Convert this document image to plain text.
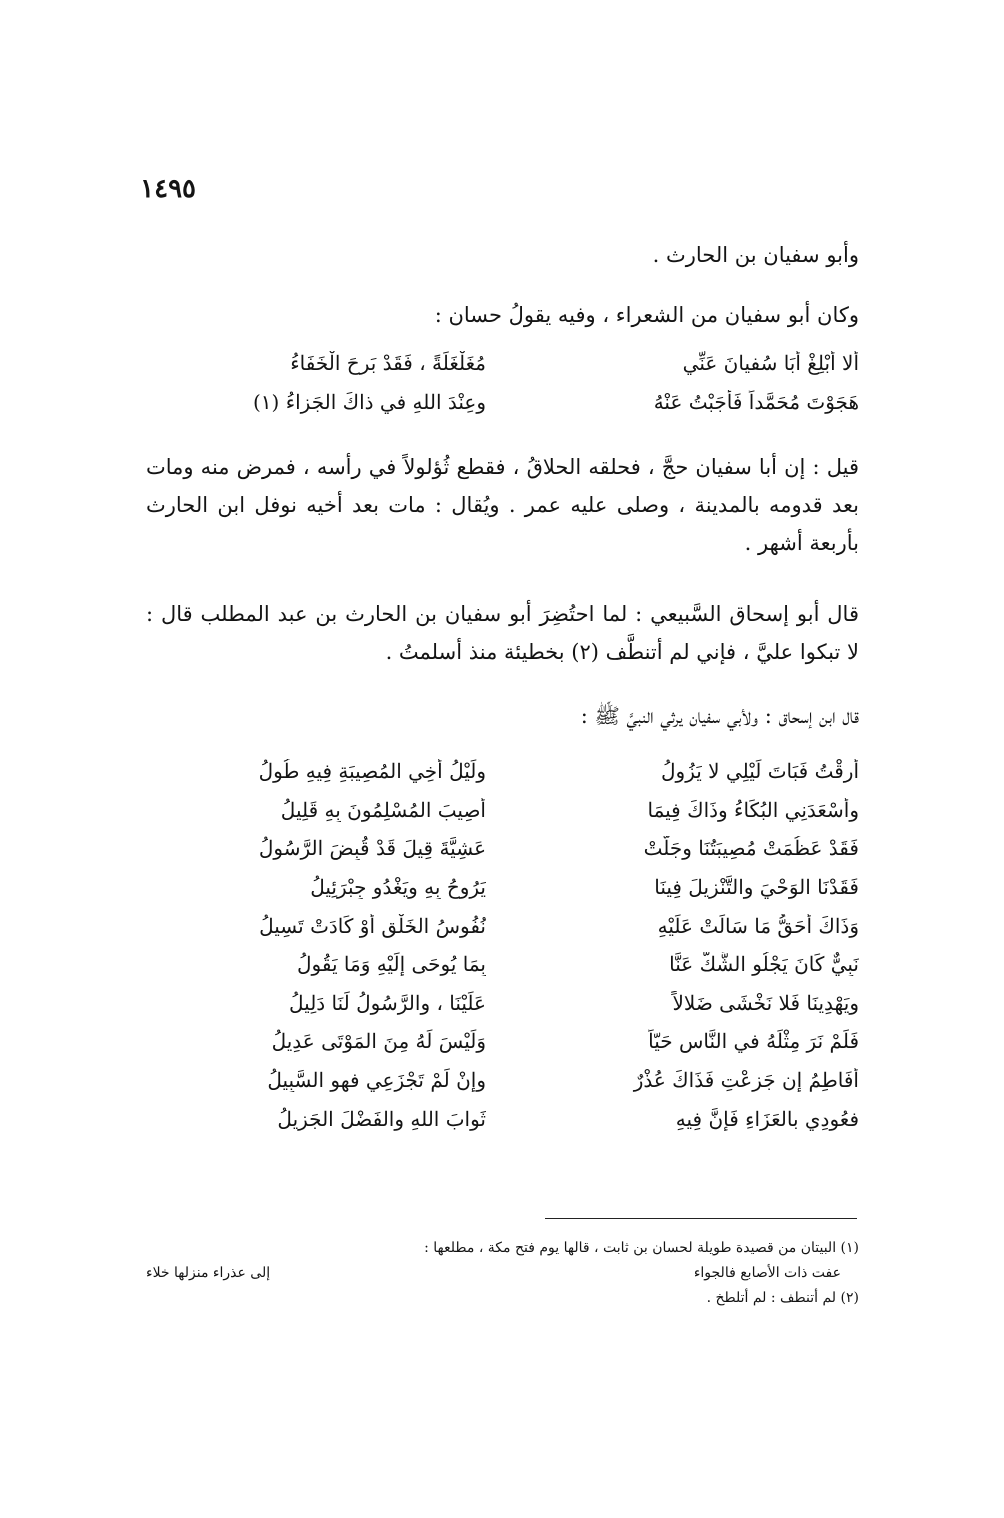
١٤٩٥

وأبو سفيان بن الحارث .

وكان أبو سفيان من الشعراء ، وفيه يقولُ حسان :

ألا أبْلِغْ أبَا سُفيانَ عَنِّي
مُغَلْغَلَةً ، فَقَدْ بَرِحَ الْخَفَاءُ
هَجَوْتَ مُحَمَّداً فَأجَبْتُ عَنْهُ
وعِنْدَ اللهِ في ذاكَ الجَزاءُ (١)

قيل : إن أبا سفيان حجَّ ، فحلقه الحلاقُ ، فقطع ثُؤلولاً في رأسه ، فمرض منه ومات بعد قدومه بالمدينة ، وصلى عليه عمر . ويُقال : مات بعد أخيه نوفل ابن الحارث بأربعة أشهر .

قال أبو إسحاق السَّبيعي : لما احتُضِرَ أبو سفيان بن الحارث بن عبد المطلب قال : لا تبكوا عليَّ ، فإني لم أتنطَّف (٢) بخطيئة منذ أسلمتُ .

قال ابن إسحاق : ولأبي سفيان يرثي النبيَّ ﷺ :

أرِقْتُ فَبَاتَ لَيْلِي لا يَزُولُ
ولَيْلُ أخِي المُصِيبَةِ فِيهِ طُولُ
وأسْعَدَنِي البُكَاءُ وذَاكَ فِيمَا
أُصِيبَ المُسْلِمُونَ بِهِ قَلِيلُ
فَقَدْ عَظُمَتْ مُصِيبَتُنَا وجَلَّتْ
عَشِيَّةَ قِيلَ قَدْ قُبِضَ الرَّسُولُ
فَقَدْنَا الوَحْيَ والتَّنْزِيلَ فِينَا
يَرُوحُ بِهِ ويَغْدُو جِبْرَئِيلُ
وَذَاكَ أحَقُّ مَا سَالَتْ عَلَيْهِ
نُفُوسُ الخَلْقِ أوْ كَادَتْ تَسِيلُ
نَبِيٌّ كَانَ يَجْلُو الشَّكَّ عَنَّا
بِمَا يُوحَى إلَيْهِ وَمَا يَقُولُ
ويَهْدِينَا فَلا نَخْشَى ضَلالاً
عَلَيْنَا ، والرَّسُولُ لَنَا دَلِيلُ
فَلَمْ نَرَ مِثْلَهُ في النَّاسِ حَيّاً
وَلَيْسَ لَهُ مِنَ المَوْتَى عَدِيلُ
أفَاطِمُ إن جَزِعْتِ فَذَاكَ عُذْرٌ
وإنْ لَمْ تَجْزَعِي فهو السَّبِيلُ
فعُودِي بالعَزَاءِ فَإنَّ فِيهِ
ثَوابَ اللهِ والفَضْلَ الجَزِيلُ
(١) البيتان من قصيدة طويلة لحسان بن ثابت ، قالها يوم فتح مكة ، مطلعها :
عفت ذات الأصابع فالجواء
إلى عذراء منزلها خلاء
(٢) لم أتنطف : لم أتلطخ .
